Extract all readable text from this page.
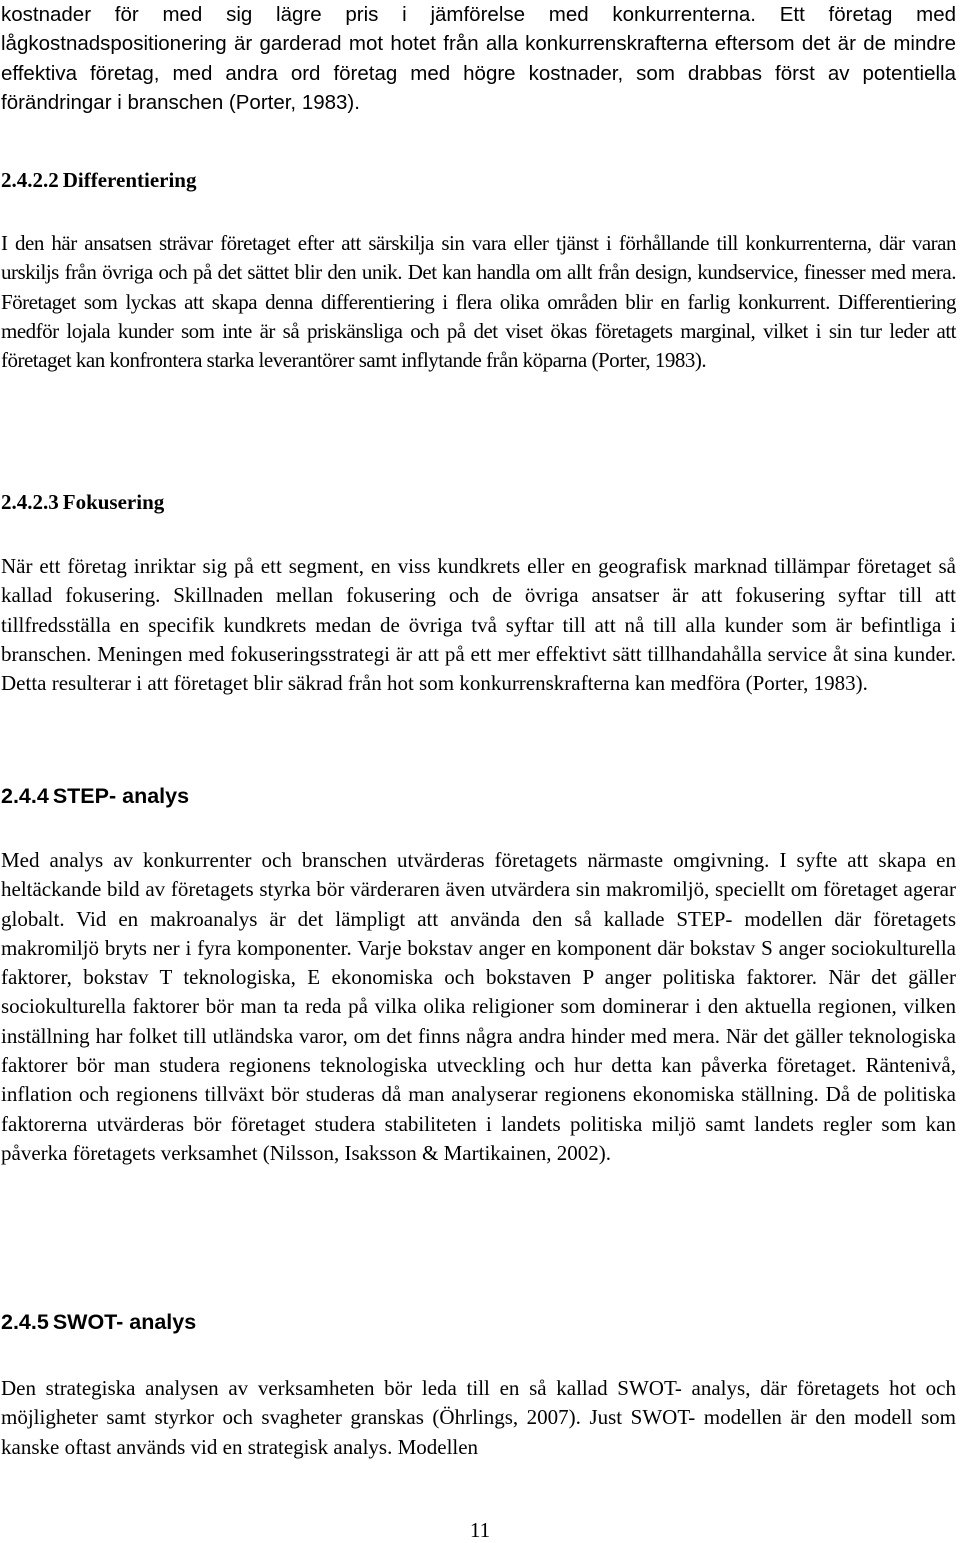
kostnader för med sig lägre pris i jämförelse med konkurrenterna. Ett företag med lågkostnadspositionering är garderad mot hotet från alla konkurrenskrafterna eftersom det är de mindre effektiva företag, med andra ord företag med högre kostnader, som drabbas först av potentiella förändringar i branschen (Porter, 1983).

2.4.2.2 Differentiering

I den här ansatsen strävar företaget efter att särskilja sin vara eller tjänst i förhållande till konkurrenterna, där varan urskiljs från övriga och på det sättet blir den unik. Det kan handla om allt från design, kundservice, finesser med mera. Företaget som lyckas att skapa denna differentiering i flera olika områden blir en farlig konkurrent. Differentiering medför lojala kunder som inte är så priskänsliga och på det viset ökas företagets marginal, vilket i sin tur leder att företaget kan konfrontera starka leverantörer samt inflytande från köparna (Porter, 1983).

2.4.2.3 Fokusering

När ett företag inriktar sig på ett segment, en viss kundkrets eller en geografisk marknad tillämpar företaget så kallad fokusering. Skillnaden mellan fokusering och de övriga ansatser är att fokusering syftar till att tillfredsställa en specifik kundkrets medan de övriga två syftar till att nå till alla kunder som är befintliga i branschen. Meningen med fokuseringsstrategi är att på ett mer effektivt sätt tillhandahålla service åt sina kunder. Detta resulterar i att företaget blir säkrad från hot som konkurrenskrafterna kan medföra (Porter, 1983).

2.4.4 STEP- analys

Med analys av konkurrenter och branschen utvärderas företagets närmaste omgivning. I syfte att skapa en heltäckande bild av företagets styrka bör värderaren även utvärdera sin makromiljö, speciellt om företaget agerar globalt. Vid en makroanalys är det lämpligt att använda den så kallade STEP- modellen där företagets makromiljö bryts ner i fyra komponenter. Varje bokstav anger en komponent där bokstav S anger sociokulturella faktorer, bokstav T teknologiska, E ekonomiska och bokstaven P anger politiska faktorer. När det gäller sociokulturella faktorer bör man ta reda på vilka olika religioner som dominerar i den aktuella regionen, vilken inställning har folket till utländska varor, om det finns några andra hinder med mera. När det gäller teknologiska faktorer bör man studera regionens teknologiska utveckling och hur detta kan påverka företaget. Räntenivå, inflation och regionens tillväxt bör studeras då man analyserar regionens ekonomiska ställning. Då de politiska faktorerna utvärderas bör företaget studera stabiliteten i landets politiska miljö samt landets regler som kan påverka företagets verksamhet (Nilsson, Isaksson & Martikainen, 2002).

2.4.5 SWOT- analys

Den strategiska analysen av verksamheten bör leda till en så kallad SWOT- analys, där företagets hot och möjligheter samt styrkor och svagheter granskas (Öhrlings, 2007). Just SWOT- modellen är den modell som kanske oftast används vid en strategisk analys. Modellen

11
